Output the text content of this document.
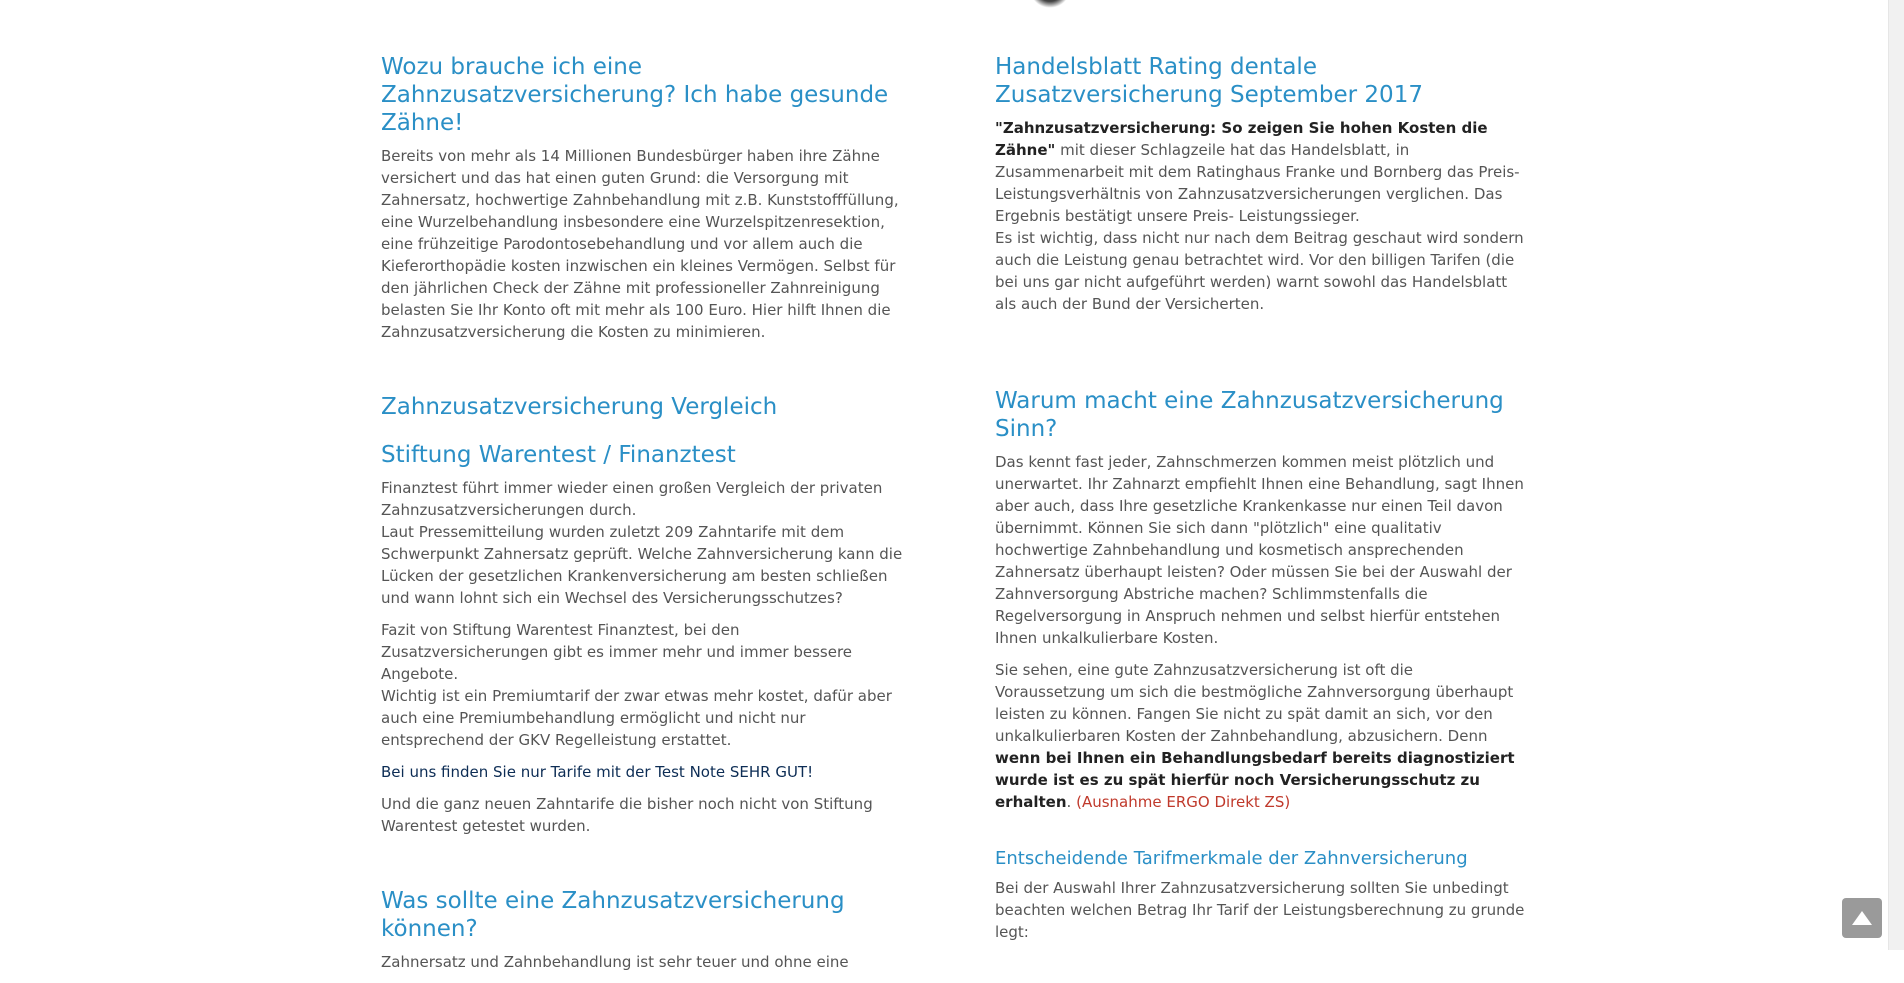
Wozu brauche ich eine Zahnzusatzversicherung? Ich habe gesunde Zähne!

Bereits von mehr als 14 Millionen Bundesbürger haben ihre Zähne versichert und das hat einen guten Grund: die Versorgung mit Zahnersatz, hochwertige Zahnbehandlung mit z.B. Kunststofffüllung, eine Wurzelbehandlung insbesondere eine Wurzelspitzenresektion, eine frühzeitige Parodontosebehandlung und vor allem auch die Kieferorthopädie kosten inzwischen ein kleines Vermögen. Selbst für den jährlichen Check der Zähne mit professioneller Zahnreinigung belasten Sie Ihr Konto oft mit mehr als 100 Euro. Hier hilft Ihnen die Zahnzusatzversicherung die Kosten zu minimieren.

Zahnzusatzversicherung Vergleich
Stiftung Warentest / Finanztest

Finanztest führt immer wieder einen großen Vergleich der privaten Zahnzusatzversicherungen durch.
Laut Pressemitteilung wurden zuletzt 209 Zahntarife mit dem Schwerpunkt Zahnersatz geprüft. Welche Zahnversicherung kann die Lücken der gesetzlichen Krankenversicherung am besten schließen und wann lohnt sich ein Wechsel des Versicherungsschutzes?

Fazit von Stiftung Warentest Finanztest, bei den Zusatzversicherungen gibt es immer mehr und immer bessere Angebote.
Wichtig ist ein Premiumtarif der zwar etwas mehr kostet, dafür aber auch eine Premiumbehandlung ermöglicht und nicht nur entsprechend der GKV Regelleistung erstattet.

Bei uns finden Sie nur Tarife mit der Test Note SEHR GUT!

Und die ganz neuen Zahntarife die bisher noch nicht von Stiftung Warentest getestet wurden.

Was sollte eine Zahnzusatzversicherung können?

Zahnersatz und Zahnbehandlung ist sehr teuer und ohne eine

Handelsblatt Rating dentale Zusatzversicherung September 2017

"Zahnzusatzversicherung: So zeigen Sie hohen Kosten die Zähne" mit dieser Schlagzeile hat das Handelsblatt, in Zusammenarbeit mit dem Ratinghaus Franke und Bornberg das Preis- Leistungsverhältnis von Zahnzusatzversicherungen verglichen. Das Ergebnis bestätigt unsere Preis- Leistungssieger.

Es ist wichtig, dass nicht nur nach dem Beitrag geschaut wird sondern auch die Leistung genau betrachtet wird. Vor den billigen Tarifen (die bei uns gar nicht aufgeführt werden) warnt sowohl das Handelsblatt als auch der Bund der Versicherten.

Warum macht eine Zahnzusatzversicherung Sinn?

Das kennt fast jeder, Zahnschmerzen kommen meist plötzlich und unerwartet. Ihr Zahnarzt empfiehlt Ihnen eine Behandlung, sagt Ihnen aber auch, dass Ihre gesetzliche Krankenkasse nur einen Teil davon übernimmt. Können Sie sich dann "plötzlich" eine qualitativ hochwertige Zahnbehandlung und kosmetisch ansprechenden Zahnersatz überhaupt leisten? Oder müssen Sie bei der Auswahl der Zahnversorgung Abstriche machen? Schlimmstenfalls die Regelversorgung in Anspruch nehmen und selbst hierfür entstehen Ihnen unkalkulierbare Kosten.

Sie sehen, eine gute Zahnzusatzversicherung ist oft die Voraussetzung um sich die bestmögliche Zahnversorgung überhaupt leisten zu können. Fangen Sie nicht zu spät damit an sich, vor den unkalkulierbaren Kosten der Zahnbehandlung, abzusichern. Denn wenn bei Ihnen ein Behandlungsbedarf bereits diagnostiziert wurde ist es zu spät hierfür noch Versicherungsschutz zu erhalten. (Ausnahme ERGO Direkt ZS)

Entscheidende Tarifmerkmale der Zahnversicherung

Bei der Auswahl Ihrer Zahnzusatzversicherung sollten Sie unbedingt beachten welchen Betrag Ihr Tarif der Leistungsberechnung zu grunde legt:
